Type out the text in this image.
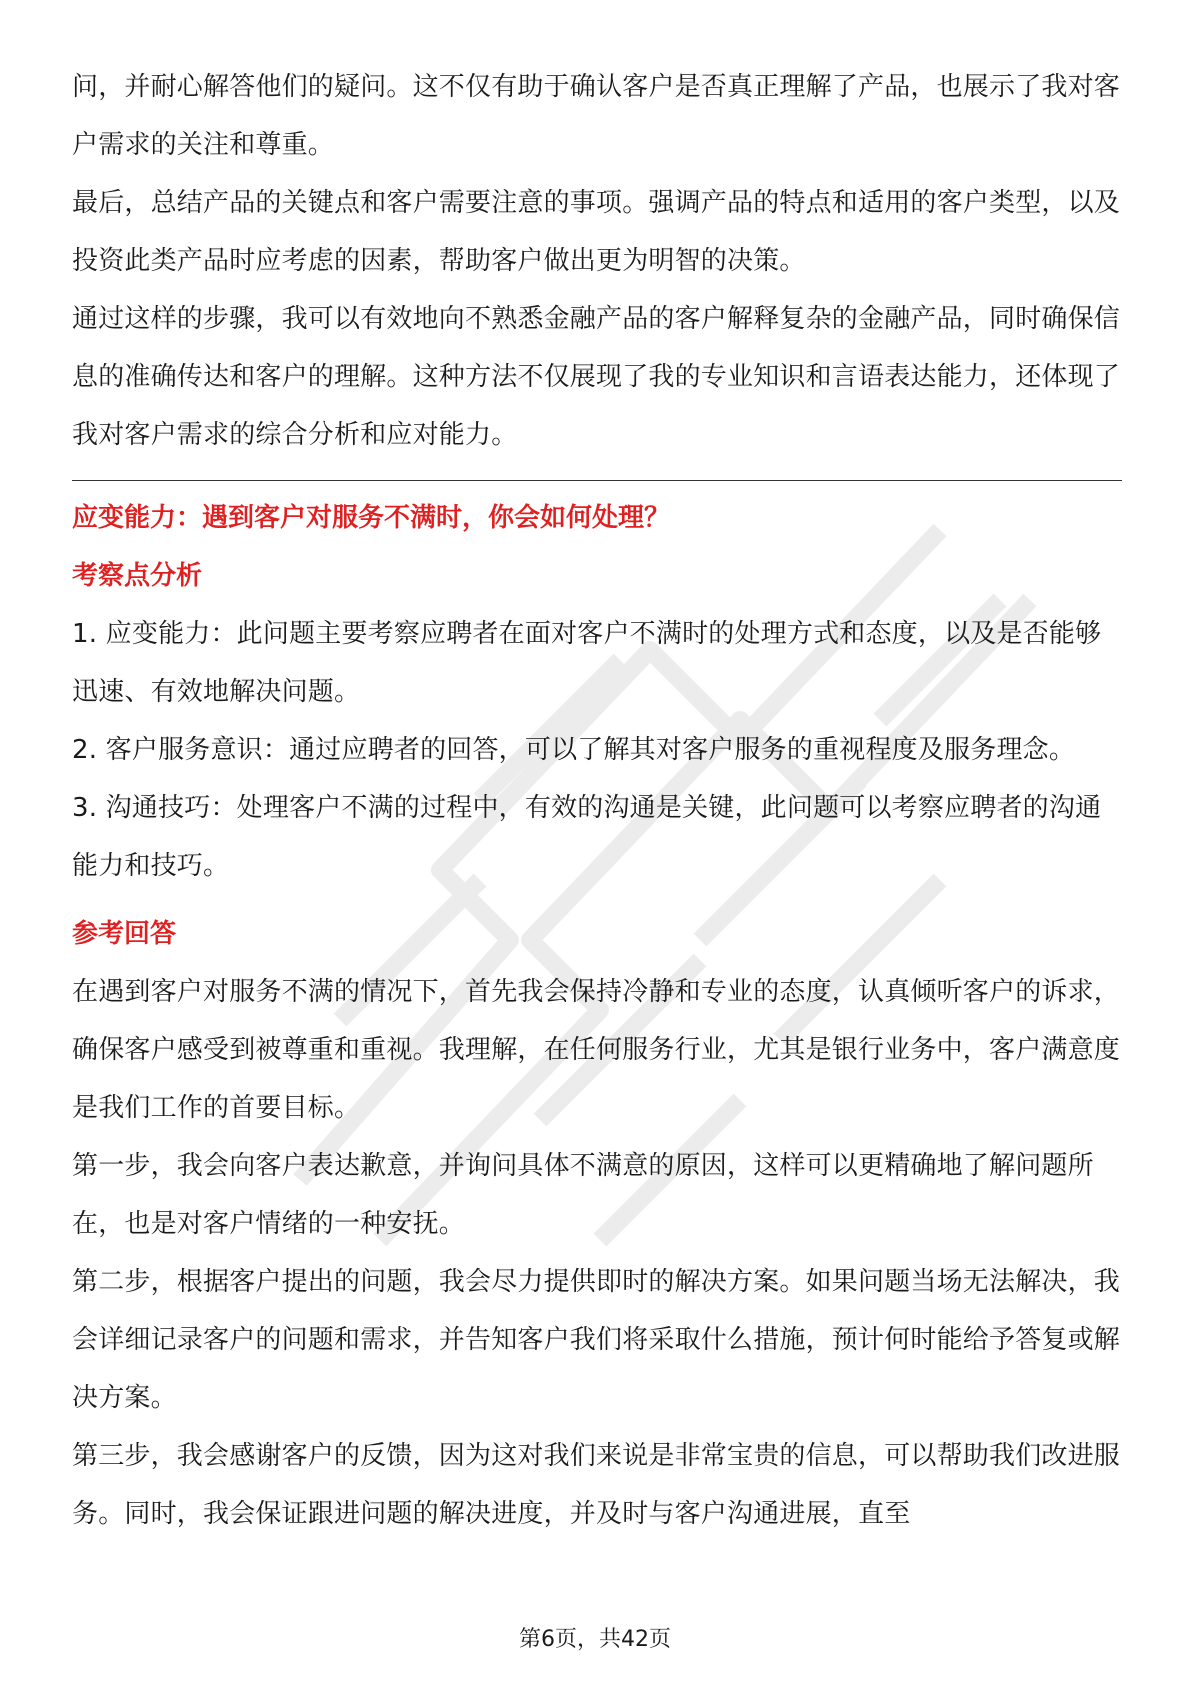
问，并耐心解答他们的疑问。这不仅有助于确认客户是否真正理解了产品，也展示了我对客户需求的关注和尊重。

最后，总结产品的关键点和客户需要注意的事项。强调产品的特点和适用的客户类型，以及投资此类产品时应考虑的因素，帮助客户做出更为明智的决策。

通过这样的步骤，我可以有效地向不熟悉金融产品的客户解释复杂的金融产品，同时确保信息的准确传达和客户的理解。这种方法不仅展现了我的专业知识和言语表达能力，还体现了我对客户需求的综合分析和应对能力。

应变能力：遇到客户对服务不满时，你会如何处理？

考察点分析

1. 应变能力：此问题主要考察应聘者在面对客户不满时的处理方式和态度，以及是否能够迅速、有效地解决问题。

2. 客户服务意识：通过应聘者的回答，可以了解其对客户服务的重视程度及服务理念。

3. 沟通技巧：处理客户不满的过程中，有效的沟通是关键，此问题可以考察应聘者的沟通能力和技巧。

参考回答

在遇到客户对服务不满的情况下，首先我会保持冷静和专业的态度，认真倾听客户的诉求，确保客户感受到被尊重和重视。我理解，在任何服务行业，尤其是银行业务中，客户满意度是我们工作的首要目标。

第一步，我会向客户表达歉意，并询问具体不满意的原因，这样可以更精确地了解问题所在，也是对客户情绪的一种安抚。

第二步，根据客户提出的问题，我会尽力提供即时的解决方案。如果问题当场无法解决，我会详细记录客户的问题和需求，并告知客户我们将采取什么措施，预计何时能给予答复或解决方案。

第三步，我会感谢客户的反馈，因为这对我们来说是非常宝贵的信息，可以帮助我们改进服务。同时，我会保证跟进问题的解决进度，并及时与客户沟通进展，直至

第6页，共42页
